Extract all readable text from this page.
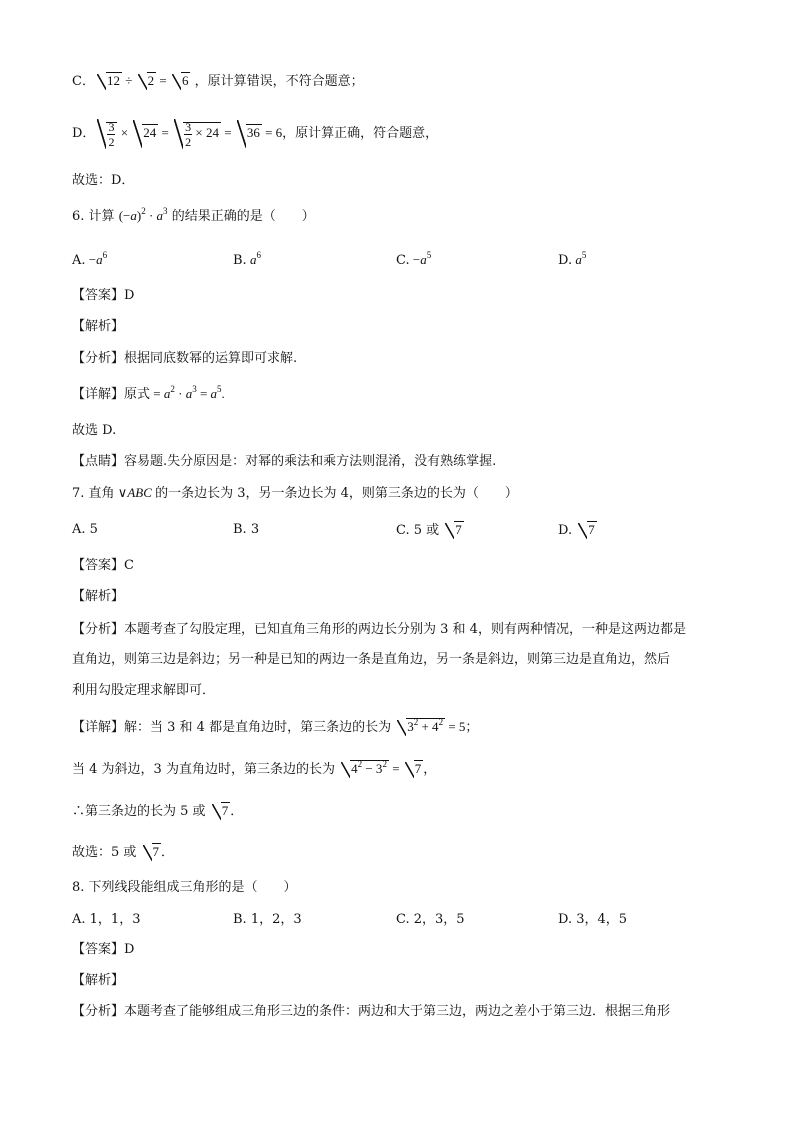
C． 12 ÷ 2 = 6 ，原计算错误，不符合题意；
D． $\frac{3}{2} \times 24 = \frac{3}{2} \times 24 = 36 = 6$，原计算正确，符合题意，
故选：D．
6. 计算 $(-a)^2 \cdot a^3$ 的结果正确的是（　　）
A. $-a^6$	B. $a^6$	C. $-a^5$	D. $a^5$
【答案】D
【解析】
【分析】根据同底数幂的运算即可求解.
【详解】原式 = $a^2 \cdot a^3 = a^5$.
故选 D.
【点睛】容易题.失分原因是：对幂的乘法和乘方法则混淆，没有熟练掌握.
7. 直角 ∨ABC 的一条边长为 3，另一条边长为 4，则第三条边的长为（　　）
A. 5	B. 3	C. 5 或 7	D. 7
【答案】C
【解析】
【分析】本题考查了勾股定理，已知直角三角形的两边长分别为 3 和 4，则有两种情况，一种是这两边都是
直角边，则第三边是斜边；另一种是已知的两边一条是直角边，另一条是斜边，则第三边是直角边，然后
利用勾股定理求解即可．
【详解】解：当 3 和 4 都是直角边时，第三条边的长为 $3^2 + 4^2 = 5$；
当 4 为斜边，3 为直角边时，第三条边的长为 $4^2 - 3^2 = 7$ ，
∴第三条边的长为 5 或 7 ．
故选：5 或 7 ．
8. 下列线段能组成三角形的是（　　）
A. 1，1，3	B. 1，2，3	C. 2，3，5	D. 3，4，5
【答案】D
【解析】
【分析】本题考查了能够组成三角形三边的条件：两边和大于第三边，两边之差小于第三边．根据三角形
